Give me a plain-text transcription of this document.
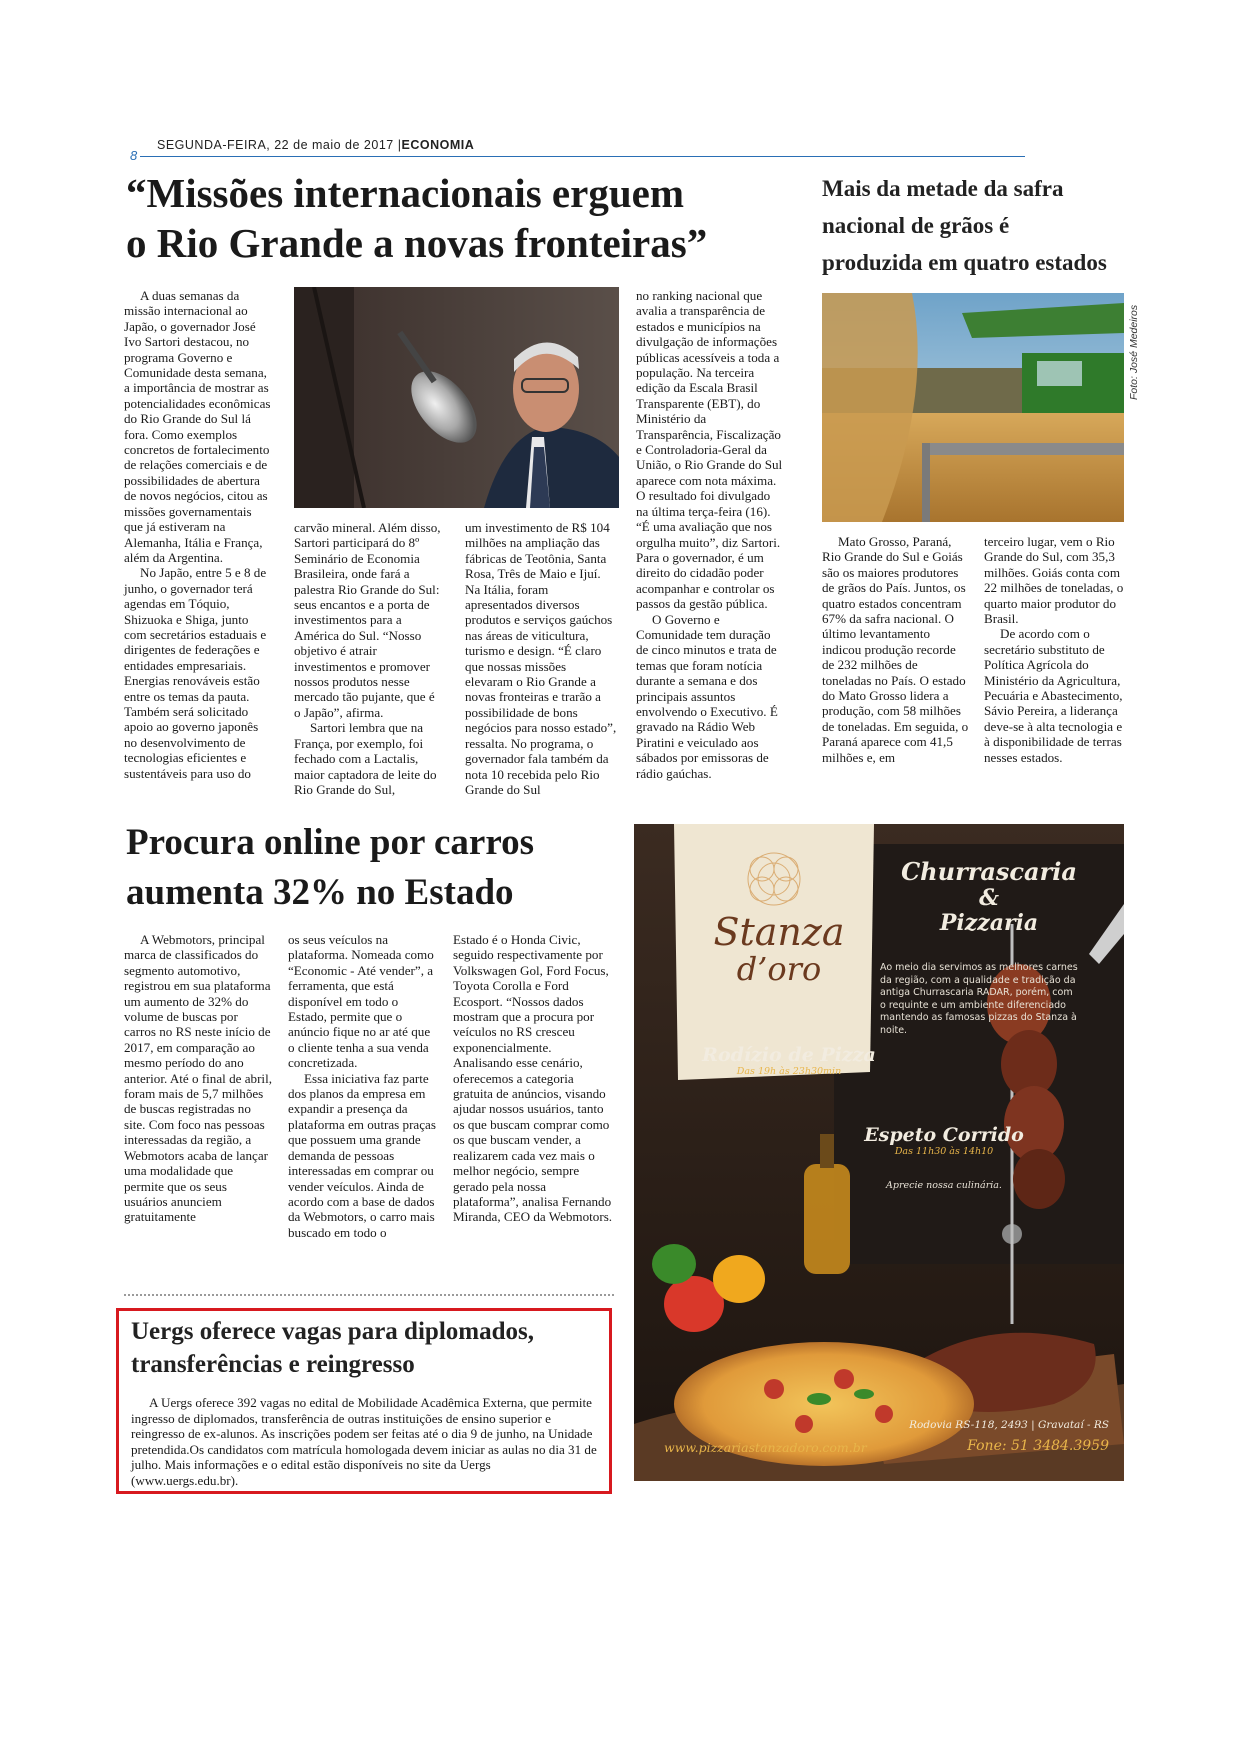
8
SEGUNDA-FEIRA, 22 de maio de 2017 |ECONOMIA
“Missões internacionais erguem
o Rio Grande a novas fronteiras”

A duas semanas da missão internacional ao Japão, o governador José Ivo Sartori destacou, no programa Governo e Comunidade desta semana, a importância de mostrar as potencialidades econômicas do Rio Grande do Sul lá fora. Como exemplos concretos de fortalecimento de relações comerciais e de possibilidades de abertura de novos negócios, citou as missões governamentais que já estiveram na Alemanha, Itália e França, além da Argentina.

No Japão, entre 5 e 8 de junho, o governador terá agendas em Tóquio, Shizuoka e Shiga, junto com secretários estaduais e dirigentes de federações e entidades empresariais. Energias renováveis estão entre os temas da pauta. Também será solicitado apoio ao governo japonês no desenvolvimento de tecnologias eficientes e sustentáveis para uso do

carvão mineral. Além disso, Sartori participará do 8º Seminário de Economia Brasileira, onde fará a palestra Rio Grande do Sul: seus encantos e a porta de investimentos para a América do Sul. “Nosso objetivo é atrair investimentos e promover nossos produtos nesse mercado tão pujante, que é o Japão”, afirma.

Sartori lembra que na França, por exemplo, foi fechado com a Lactalis, maior captadora de leite do Rio Grande do Sul,

um investimento de R$ 104 milhões na ampliação das fábricas de Teotônia, Santa Rosa, Três de Maio e Ijuí. Na Itália, foram apresentados diversos produtos e serviços gaúchos nas áreas de viticultura, turismo e design. “É claro que nossas missões elevaram o Rio Grande a novas fronteiras e trarão a possibilidade de bons negócios para nosso estado”, ressalta. No programa, o governador fala também da nota 10 recebida pelo Rio Grande do Sul

no ranking nacional que avalia a transparência de estados e municípios na divulgação de informações públicas acessíveis a toda a população. Na terceira edição da Escala Brasil Transparente (EBT), do Ministério da Transparência, Fiscalização e Controladoria-Geral da União, o Rio Grande do Sul aparece com nota máxima. O resultado foi divulgado na última terça-feira (16). “É uma avaliação que nos orgulha muito”, diz Sartori. Para o governador, é um direito do cidadão poder acompanhar e controlar os passos da gestão pública.

O Governo e Comunidade tem duração de cinco minutos e trata de temas que foram notícia durante a semana e dos principais assuntos envolvendo o Executivo. É gravado na Rádio Web Piratini e veiculado aos sábados por emissoras de rádio gaúchas.

Mais da metade da safra
nacional de grãos é
produzida em quatro estados
Foto: José Medeiros

Mato Grosso, Paraná, Rio Grande do Sul e Goiás são os maiores produtores de grãos do País. Juntos, os quatro estados concentram 67% da safra nacional. O último levantamento indicou produção recorde de 232 milhões de toneladas no País. O estado do Mato Grosso lidera a produção, com 58 milhões de toneladas. Em seguida, o Paraná aparece com 41,5 milhões e, em

terceiro lugar, vem o Rio Grande do Sul, com 35,3 milhões. Goiás conta com 22 milhões de toneladas, o quarto maior produtor do Brasil.

De acordo com o secretário substituto de Política Agrícola do Ministério da Agricultura, Pecuária e Abastecimento, Sávio Pereira, a liderança deve-se à alta tecnologia e à disponibilidade de terras nesses estados.

Procura online por carros
aumenta 32% no Estado

A Webmotors, principal marca de classificados do segmento automotivo, registrou em sua plataforma um aumento de 32% do volume de buscas por carros no RS neste início de 2017, em comparação ao mesmo período do ano anterior. Até o final de abril, foram mais de 5,7 milhões de buscas registradas no site. Com foco nas pessoas interessadas da região, a Webmotors acaba de lançar uma modalidade que permite que os seus usuários anunciem gratuitamente

os seus veículos na plataforma. Nomeada como “Economic - Até vender”, a ferramenta, que está disponível em todo o Estado, permite que o anúncio fique no ar até que o cliente tenha a sua venda concretizada.

Essa iniciativa faz parte dos planos da empresa em expandir a presença da plataforma em outras praças que possuem uma grande demanda de pessoas interessadas em comprar ou vender veículos. Ainda de acordo com a base de dados da Webmotors, o carro mais buscado em todo o

Estado é o Honda Civic, seguido respectivamente por Volkswagen Gol, Ford Focus, Toyota Corolla e Ford Ecosport. “Nossos dados mostram que a procura por veículos no RS cresceu exponencialmente. Analisando esse cenário, oferecemos a categoria gratuita de anúncios, visando ajudar nossos usuários, tanto os que buscam comprar como os que buscam vender, a realizarem cada vez mais o melhor negócio, sempre gerado pela nossa plataforma”, analisa Fernando Miranda, CEO da Webmotors.

Uergs oferece vagas para diplomados,
transferências e reingresso

A Uergs oferece 392 vagas no edital de Mobilidade Acadêmica Externa, que permite ingresso de diplomados, transferência de outras instituições de ensino superior e reingresso de ex-alunos. As inscrições podem ser feitas até o dia 9 de junho, na Unidade pretendida.Os candidatos com matrícula homologada devem iniciar as aulas no dia 31 de julho. Mais informações e o edital estão disponíveis no site da Uergs (www.uergs.edu.br).

Stanza
d’oro
Churrascaria
&
Pizzaria
Ao meio dia servimos as melhores carnes da região, com a qualidade e tradição da antiga Churrascaria RADAR, porém, com o requinte e um ambiente diferenciado mantendo as famosas pizzas do Stanza à noite.
Rodízio de Pizza
Das 19h às 23h30min
Espeto Corrido
Das 11h30 às 14h10
Aprecie nossa culinária.
Rodovia RS-118, 2493 | Gravataí - RS
www.pizzariastanzadoro.com.br	Fone: 51 3484.3959
